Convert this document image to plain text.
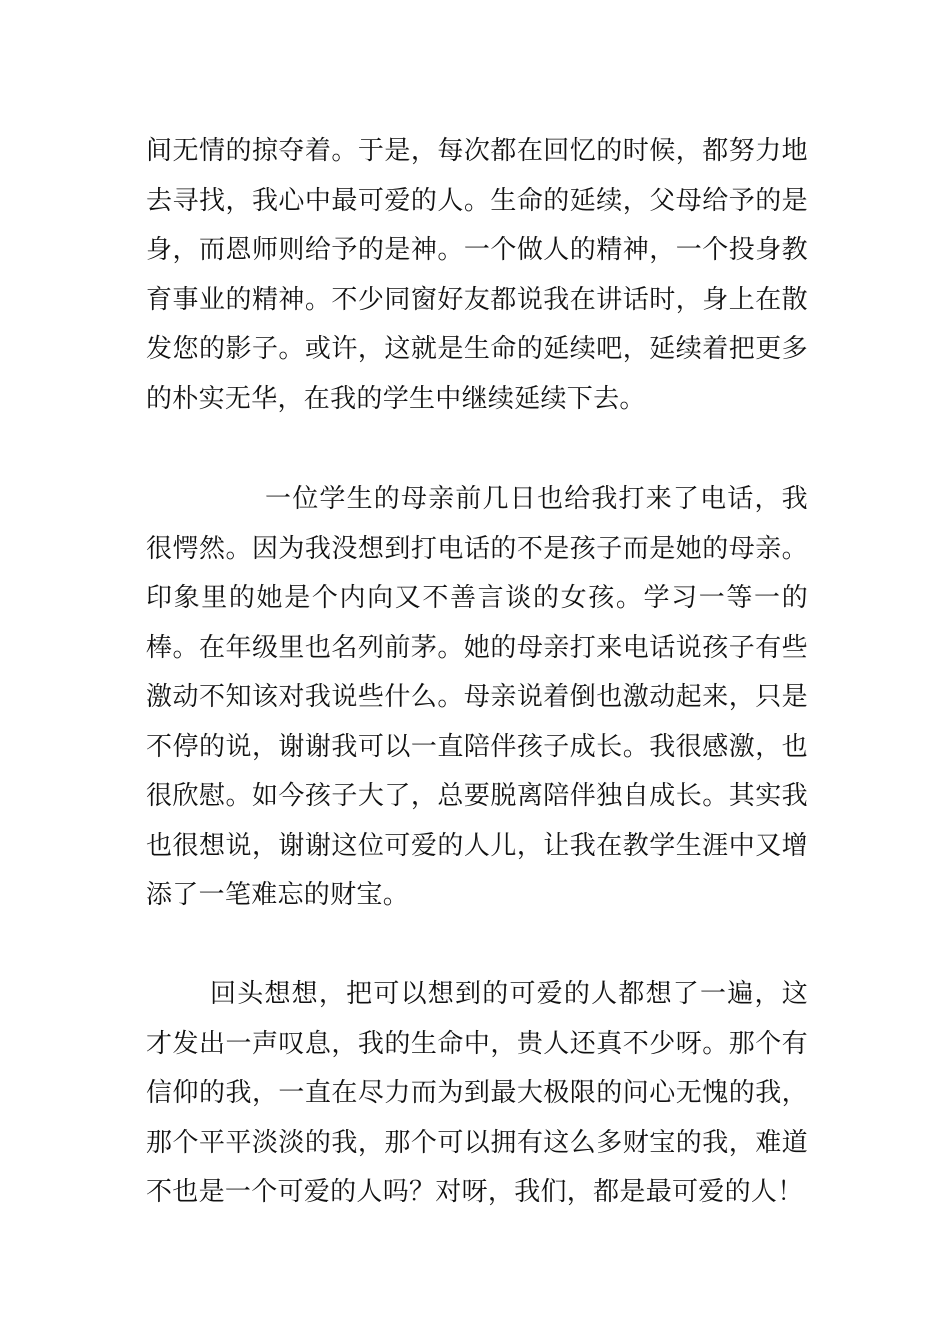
间无情的掠夺着。于是，每次都在回忆的时候，都努力地去寻找，我心中最可爱的人。生命的延续，父母给予的是身，而恩师则给予的是神。一个做人的精神，一个投身教育事业的精神。不少同窗好友都说我在讲话时，身上在散发您的影子。或许，这就是生命的延续吧，延续着把更多的朴实无华，在我的学生中继续延续下去。

一位学生的母亲前几日也给我打来了电话，我很愕然。因为我没想到打电话的不是孩子而是她的母亲。印象里的她是个内向又不善言谈的女孩。学习一等一的棒。在年级里也名列前茅。她的母亲打来电话说孩子有些激动不知该对我说些什么。母亲说着倒也激动起来，只是不停的说，谢谢我可以一直陪伴孩子成长。我很感激，也很欣慰。如今孩子大了，总要脱离陪伴独自成长。其实我也很想说，谢谢这位可爱的人儿，让我在教学生涯中又增添了一笔难忘的财宝。

回头想想，把可以想到的可爱的人都想了一遍，这才发出一声叹息，我的生命中，贵人还真不少呀。那个有信仰的我，一直在尽力而为到最大极限的问心无愧的我，那个平平淡淡的我，那个可以拥有这么多财宝的我，难道不也是一个可爱的人吗？对呀，我们，都是最可爱的人！
